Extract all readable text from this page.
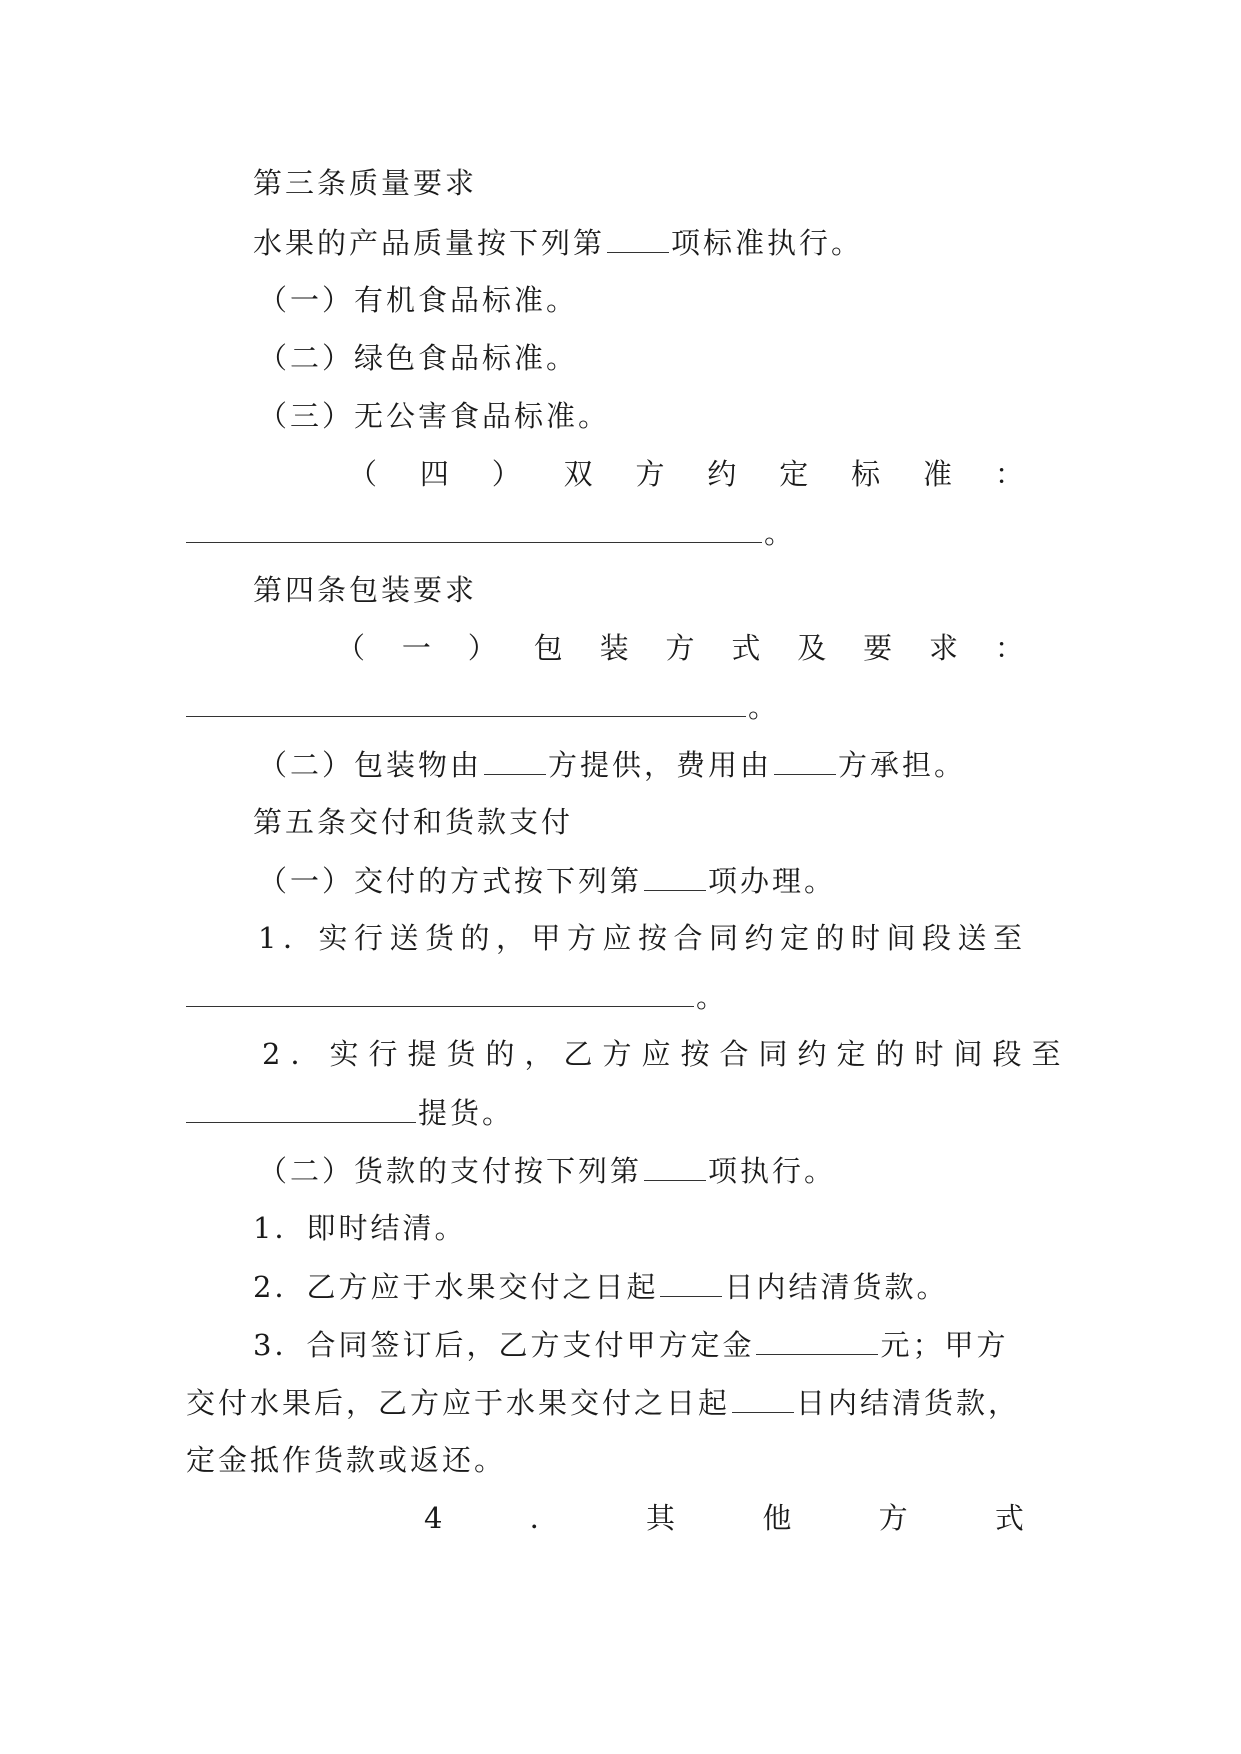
第三条质量要求
水果的产品质量按下列第 项标准执行。
（一）有机食品标准。
（二）绿色食品标准。
（三）无公害食品标准。
（ 四 ） 双 方 约 定 标 准 ：
。
第四条包装要求
（ 一 ） 包 装 方 式 及 要 求 ：
。
（二）包装物由 方提供，费用由 方承担。
第五条交付和货款支付
（一）交付的方式按下列第 项办理。
1．实行送货的，甲方应按合同约定的时间段送至
。
2．实行提货的，乙方应按合同约定的时间段至
提货。
（二）货款的支付按下列第 项执行。
1．即时结清。
2．乙方应于水果交付之日起 日内结清货款。
3．合同签订后，乙方支付甲方定金	元；甲方
交付水果后，乙方应于水果交付之日起 日内结清货款，
定金抵作货款或返还。
4	．	其	他	方	式
